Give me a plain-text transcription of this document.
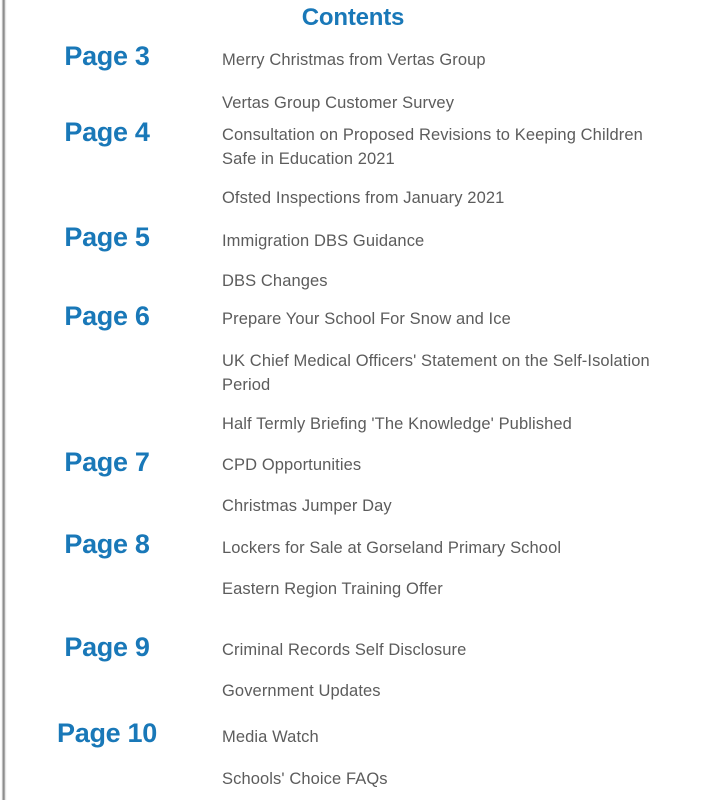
Contents
Page 3	Merry Christmas from Vertas Group
Vertas Group Customer Survey
Page 4	Consultation on Proposed Revisions to Keeping Children Safe in Education 2021
Ofsted Inspections from January 2021
Page 5	Immigration DBS Guidance
DBS Changes
Page 6	Prepare Your School For Snow and Ice
UK Chief Medical Officers' Statement on the Self-Isolation Period
Half Termly Briefing 'The Knowledge' Published
Page 7	CPD Opportunities
Christmas Jumper Day
Page 8	Lockers for Sale at Gorseland Primary School
Eastern Region Training Offer
Page 9	Criminal Records Self Disclosure
Government Updates
Page 10	Media Watch
Schools' Choice FAQs
